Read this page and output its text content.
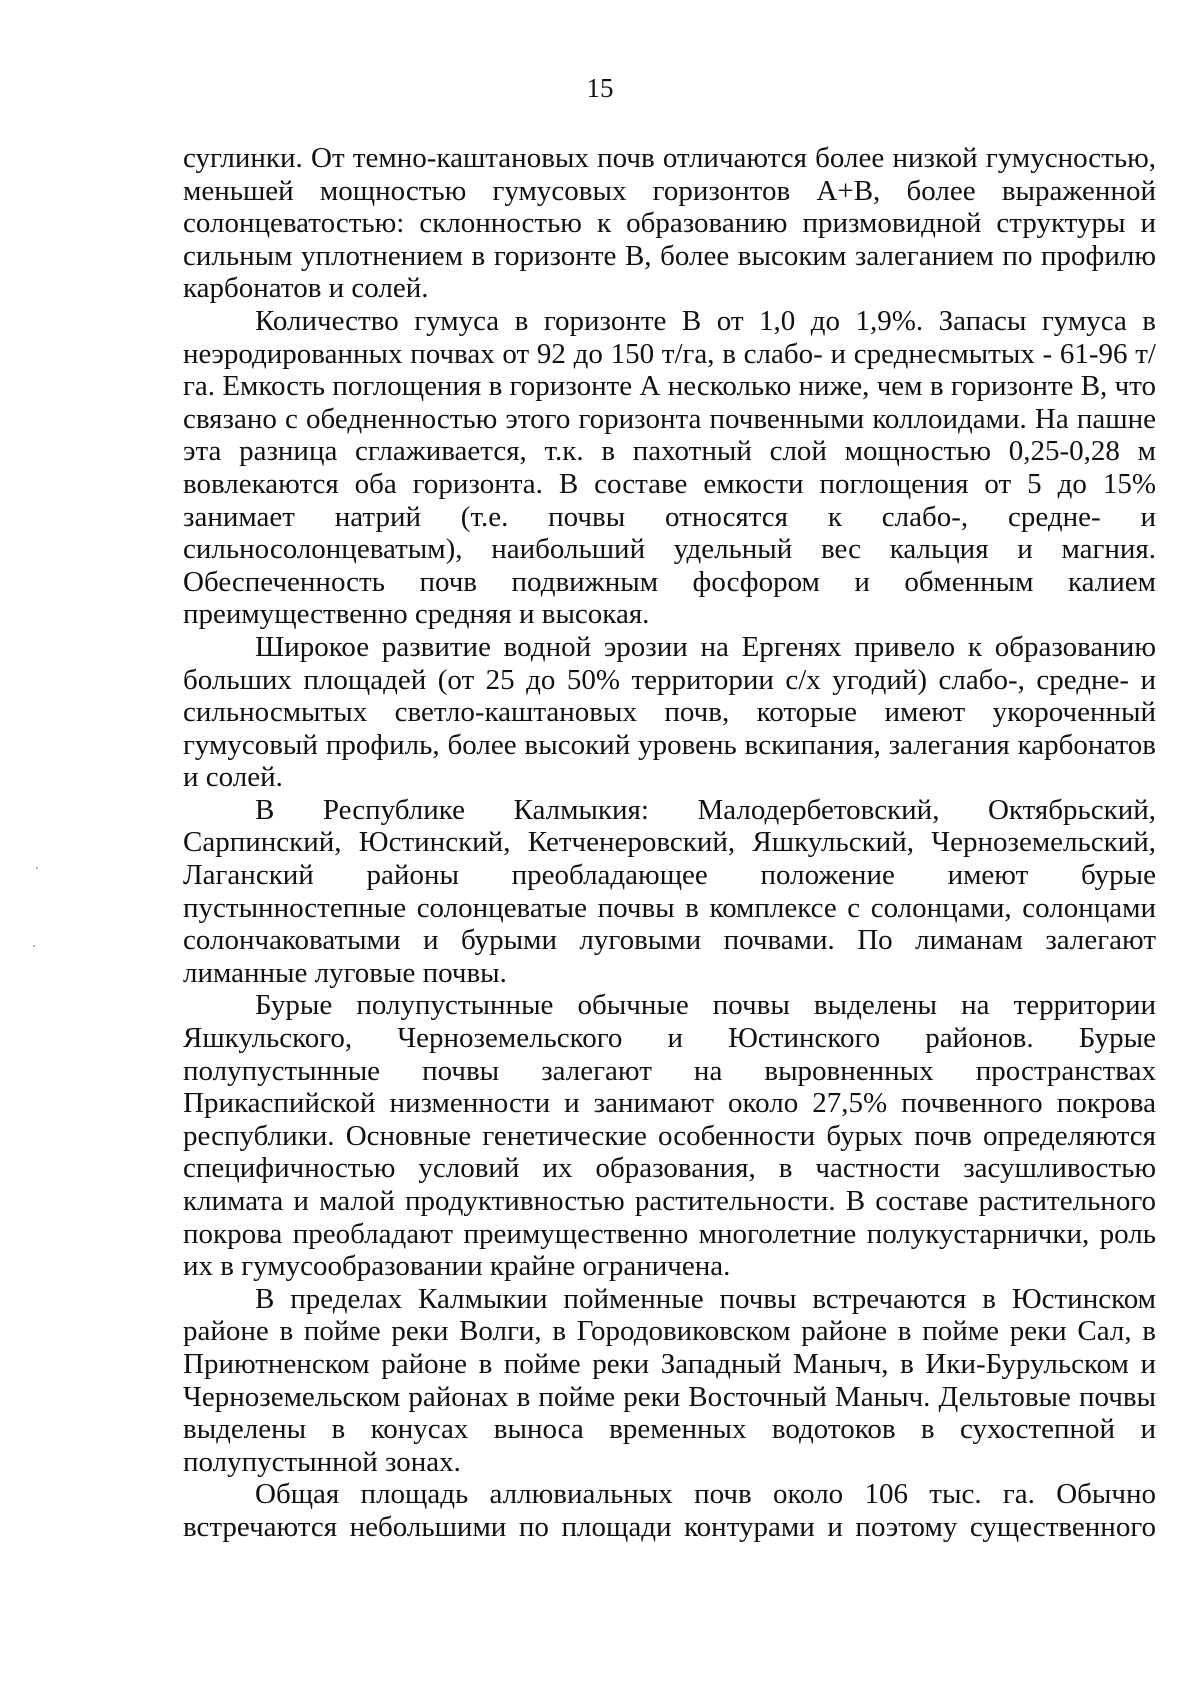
15

суглинки. От темно-каштановых почв отличаются более низкой гумусностью, меньшей мощностью гумусовых горизонтов А+В, более выраженной солонцеватостью: склонностью к образованию призмовидной структуры и сильным уплотнением в горизонте В, более высоким залеганием по профилю карбонатов и солей.

Количество гумуса в горизонте В от 1,0 до 1,9%. Запасы гумуса в неэродированных почвах от 92 до 150 т/га, в слабо- и среднесмытых - 61-96 т/га. Емкость поглощения в горизонте А несколько ниже, чем в горизонте В, что связано с обедненностью этого горизонта почвенными коллоидами. На пашне эта разница сглаживается, т.к. в пахотный слой мощностью 0,25-0,28 м вовлекаются оба горизонта. В составе емкости поглощения от 5 до 15% занимает натрий (т.е. почвы относятся к слабо-, средне- и сильносолонцеватым), наибольший удельный вес кальция и магния. Обеспеченность почв подвижным фосфором и обменным калием преимущественно средняя и высокая.

Широкое развитие водной эрозии на Ергенях привело к образованию больших площадей (от 25 до 50% территории с/х угодий) слабо-, средне- и сильносмытых светло-каштановых почв, которые имеют укороченный гумусовый профиль, более высокий уровень вскипания, залегания карбонатов и солей.

В Республике Калмыкия: Малодербетовский, Октябрьский, Сарпинский, Юстинский, Кетченеровский, Яшкульский, Черноземельский, Лаганский районы преобладающее положение имеют бурые пустынностепные солонцеватые почвы в комплексе с солонцами, солонцами солончаковатыми и бурыми луговыми почвами. По лиманам залегают лиманные луговые почвы.

Бурые полупустынные обычные почвы выделены на территории Яшкульского, Черноземельского и Юстинского районов. Бурые полупустынные почвы залегают на выровненных пространствах Прикаспийской низменности и занимают около 27,5% почвенного покрова республики. Основные генетические особенности бурых почв определяются специфичностью условий их образования, в частности засушливостью климата и малой продуктивностью растительности. В составе растительного покрова преобладают преимущественно многолетние полукустарнички, роль их в гумусообразовании крайне ограничена.

В пределах Калмыкии пойменные почвы встречаются в Юстинском районе в пойме реки Волги, в Городовиковском районе в пойме реки Сал, в Приютненском районе в пойме реки Западный Маныч, в Ики-Бурульском и Черноземельском районах в пойме реки Восточный Маныч. Дельтовые почвы выделены в конусах выноса временных водотоков в сухостепной и полупустынной зонах.

Общая площадь аллювиальных почв около 106 тыс. га. Обычно встречаются небольшими по площади контурами и поэтому существенного
